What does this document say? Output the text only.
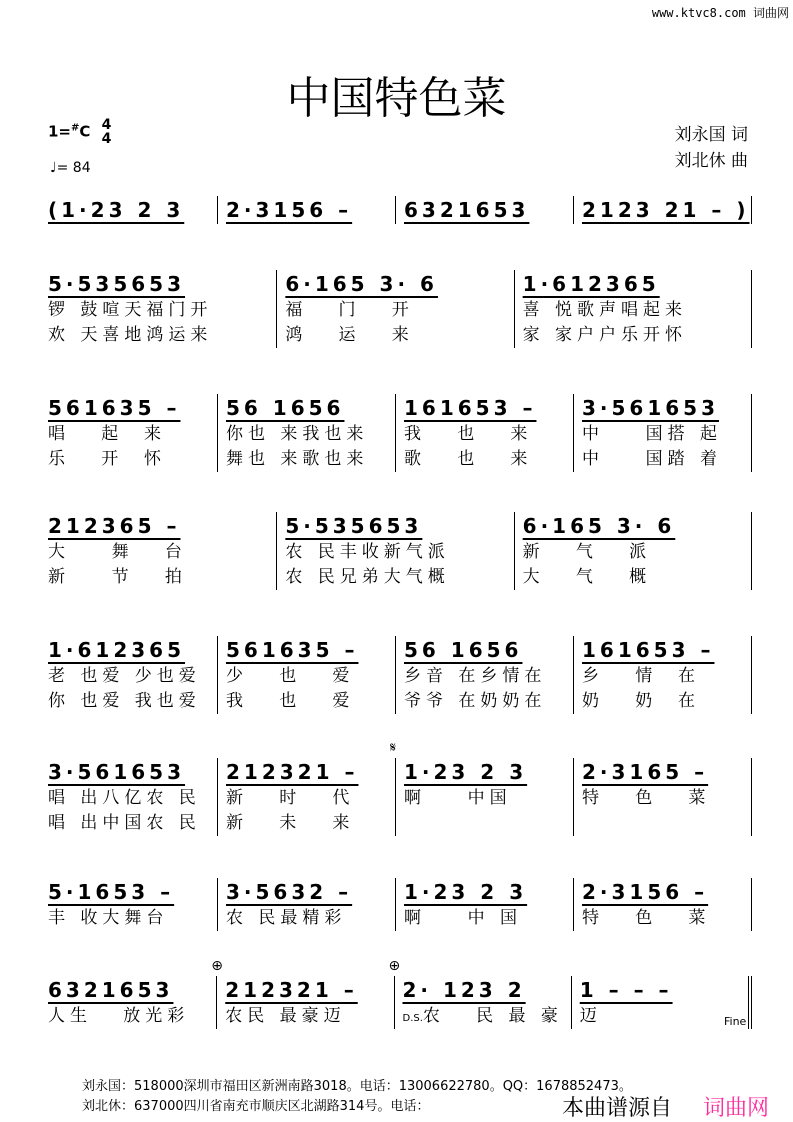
www.ktvc8.com 词曲网
中国特色菜
1=#C 4
4
♩= 84
刘永国 词
刘北休 曲
(1·23 2 3	2·3156 –	6321653	2123 21 – )
5·535653
锣 鼓喧天福门开
欢 天喜地鸿运来
6·165 3· 6
福   门   开
鸿   运   来
1·612365
喜 悦歌声唱起来
家 家户户乐开怀
561635 –
唱   起  来
乐   开  怀
56 1656
你也 来我也来
舞也 来歌也来
161653 –
我   也   来
歌   也   来
3·561653
中    国搭 起
中    国踏 着
212365 –
大    舞   台
新    节   拍
5·535653
农 民丰收新气派
农 民兄弟大气概
6·165 3· 6
新   气   派
大   气   概
1·612365
老 也爱 少也爱
你 也爱 我也爱
561635 –
少   也   爱
我   也   爱
56 1656
乡音 在乡情在
爷爷 在奶奶在
161653 –
乡   情  在
奶   奶  在
3·561653
唱 出八亿农 民
唱 出中国农 民
212321 –
新   时   代
新   未   来
𝄋
1·23 2 3
啊    中国
2·3165 –
特   色   菜
5·1653 –
丰 收大舞台
3·5632 –
农 民最精彩
1·23 2 3
啊    中 国
2·3156 –
特   色   菜
6321653
人生   放光彩
⊕
212321 –
农民 最豪迈
⊕
2· 123 2
D.S.农   民 最 豪
1 – – –
迈	Fine
刘永国：518000深圳市福田区新洲南路3018。电话：13006622780。QQ：1678852473。
刘北休：637000四川省南充市顺庆区北湖路314号。电话：	本曲谱源自 词曲网
